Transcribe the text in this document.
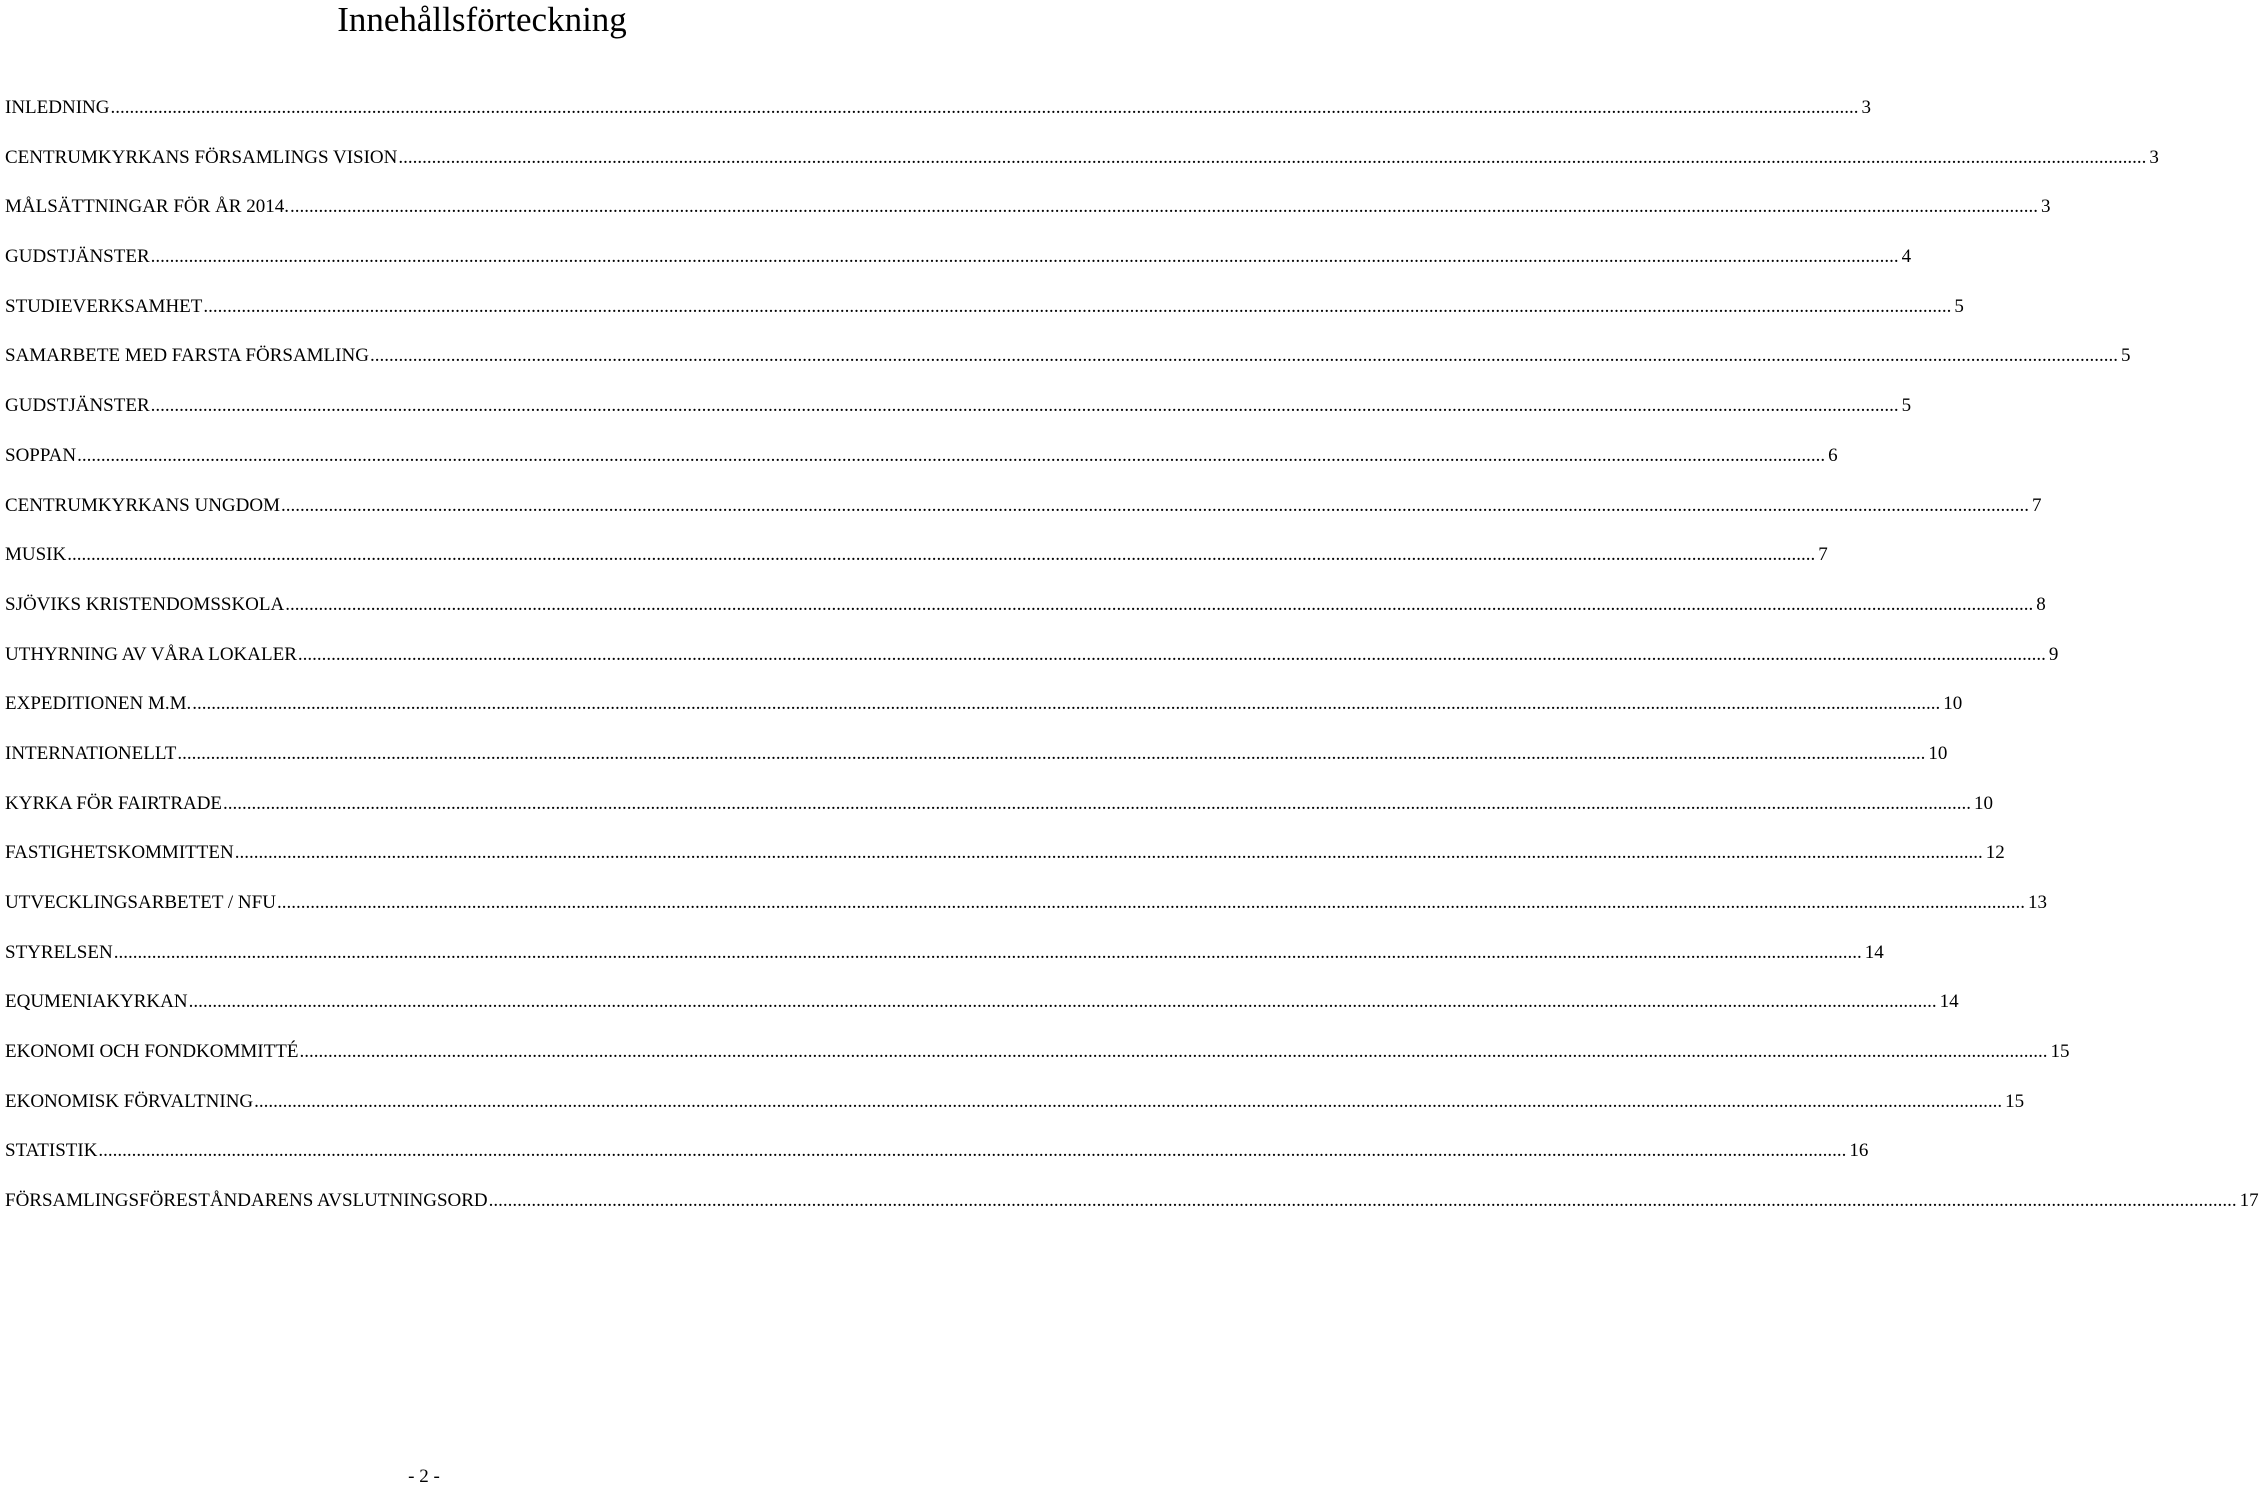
Innehållsförteckning
INLEDNING .....	3
CENTRUMKYRKANS FÖRSAMLINGS VISION .....	3
MÅLSÄTTNINGAR FÖR ÅR 2014. .....	3
GUDSTJÄNSTER .....	4
STUDIEVERKSAMHET .....	5
SAMARBETE MED FARSTA FÖRSAMLING .....	5
GUDSTJÄNSTER .....	5
SOPPAN .....	6
CENTRUMKYRKANS UNGDOM .....	7
MUSIK .....	7
SJÖVIKS KRISTENDOMSSKOLA .....	8
UTHYRNING AV VÅRA LOKALER .....	9
EXPEDITIONEN M.M. .....	10
INTERNATIONELLT .....	10
KYRKA FÖR FAIRTRADE .....	10
FASTIGHETSKOMMITTEN .....	12
UTVECKLINGSARBETET / NFU .....	13
STYRELSEN .....	14
EQUMENIAKYRKAN .....	14
EKONOMI OCH FONDKOMMITTÉ .....	15
EKONOMISK FÖRVALTNING .....	15
STATISTIK .....	16
FÖRSAMLINGSFÖRESTÅNDARENS AVSLUTNINGSORD .....	17
- 2 -
